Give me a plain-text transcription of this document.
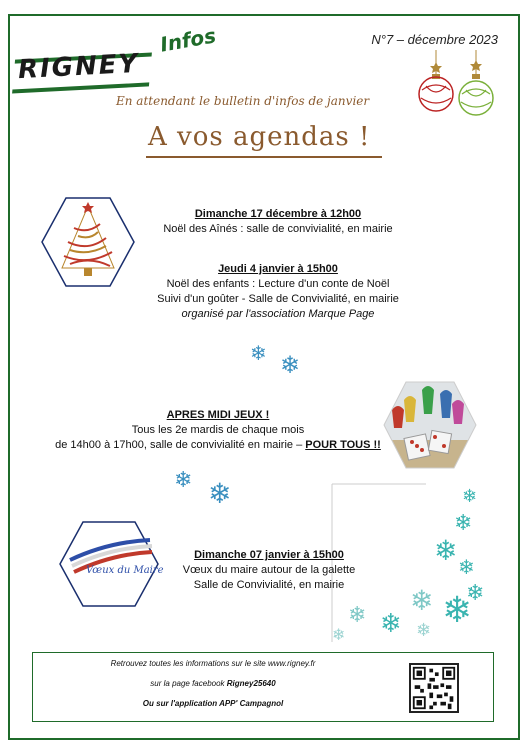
RIGNEY
Infos	N°7 – décembre 2023
En attendant le bulletin d'infos de janvier
A vos agendas !
Dimanche 17 décembre à 12h00
Noël des Aînés : salle de convivialité, en mairie
Jeudi 4 janvier à 15h00
Noël des enfants : Lecture d'un conte de Noël
Suivi d'un goûter - Salle de Convivialité, en mairie
organisé par l'association Marque Page
❄ ❄
APRES MIDI JEUX !
Tous les 2e mardis de chaque mois
de 14h00 à 17h00, salle de convivialité en mairie – POUR TOUS !!
❄ ❄	❄
❄
❄ ❄
❄
❄
❄
❄
❄
❄	❄
Vœux du Maire
Dimanche 07 janvier à 15h00
Vœux du maire autour de la galette
Salle de Convivialité, en mairie

Retrouvez toutes les informations sur le site www.rigney.fr

sur la page facebook Rigney25640

Ou sur l'application APP' Campagnol
